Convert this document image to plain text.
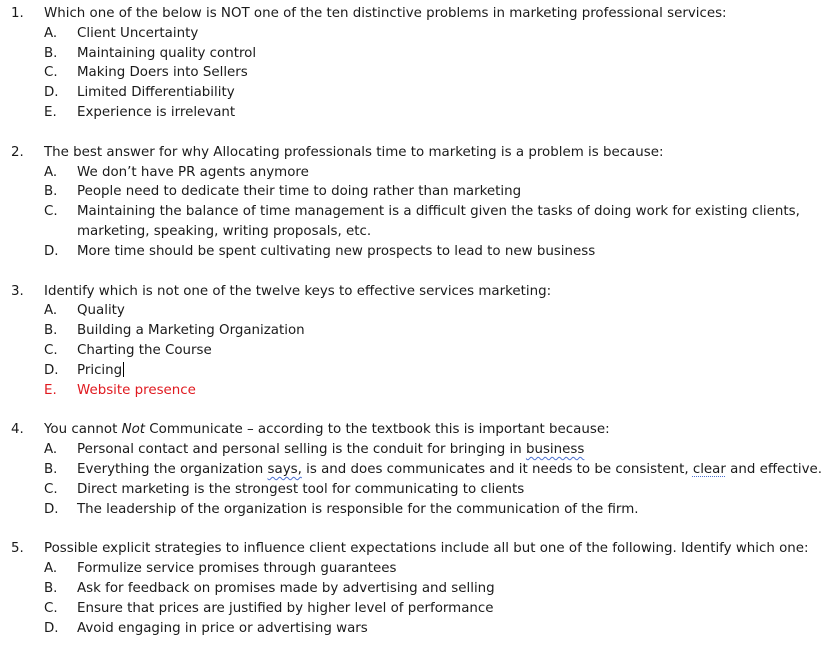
1. Which one of the below is NOT one of the ten distinctive problems in marketing professional services:
A. Client Uncertainty
B. Maintaining quality control
C. Making Doers into Sellers
D. Limited Differentiability
E. Experience is irrelevant
2. The best answer for why Allocating professionals time to marketing is a problem is because:
A. We don’t have PR agents anymore
B. People need to dedicate their time to doing rather than marketing
C. Maintaining the balance of time management is a difficult given the tasks of doing work for existing clients,
marketing, speaking, writing proposals, etc.
D. More time should be spent cultivating new prospects to lead to new business
3. Identify which is not one of the twelve keys to effective services marketing:
A. Quality
B. Building a Marketing Organization
C. Charting the Course
D. Pricing
E. Website presence
4. You cannot Not Communicate – according to the textbook this is important because:
A. Personal contact and personal selling is the conduit for bringing in business
B. Everything the organization says, is and does communicates and it needs to be consistent, clear and effective.
C. Direct marketing is the strongest tool for communicating to clients
D. The leadership of the organization is responsible for the communication of the firm.
5. Possible explicit strategies to influence client expectations include all but one of the following. Identify which one:
A. Formulize service promises through guarantees
B. Ask for feedback on promises made by advertising and selling
C. Ensure that prices are justified by higher level of performance
D. Avoid engaging in price or advertising wars
